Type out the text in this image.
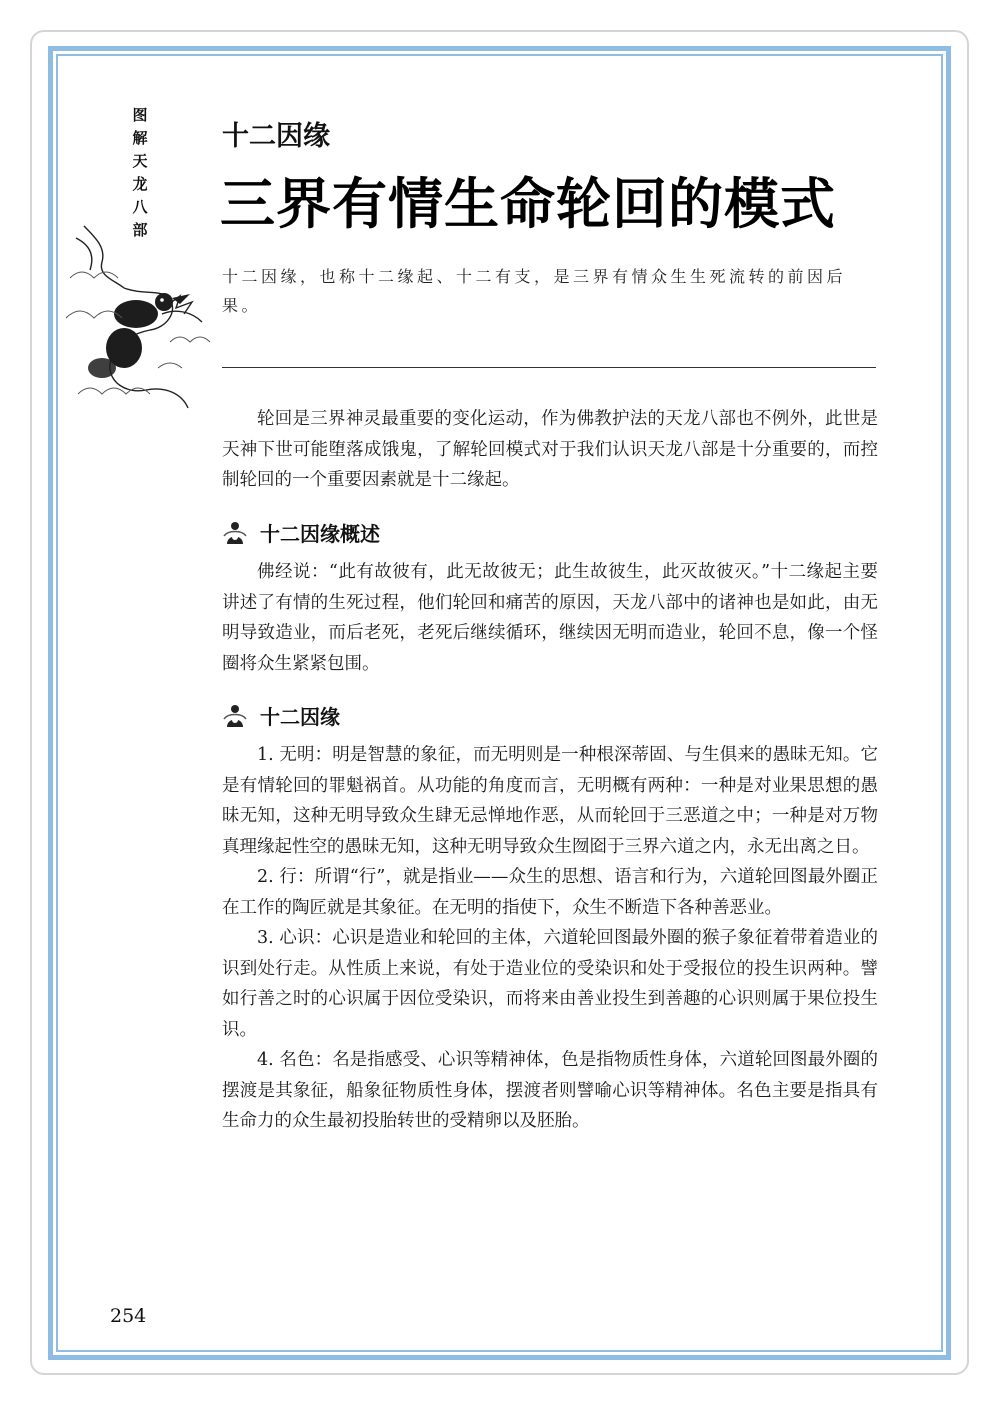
图
解
天
龙
八
部
十二因缘
三界有情生命轮回的模式
十二因缘，也称十二缘起、十二有支，是三界有情众生生死流转的前因后果。

轮回是三界神灵最重要的变化运动，作为佛教护法的天龙八部也不例外，此世是天神下世可能堕落成饿鬼，了解轮回模式对于我们认识天龙八部是十分重要的，而控制轮回的一个重要因素就是十二缘起。

十二因缘概述

佛经说：“此有故彼有，此无故彼无；此生故彼生，此灭故彼灭。”十二缘起主要讲述了有情的生死过程，他们轮回和痛苦的原因，天龙八部中的诸神也是如此，由无明导致造业，而后老死，老死后继续循环，继续因无明而造业，轮回不息，像一个怪圈将众生紧紧包围。

十二因缘

1. 无明：明是智慧的象征，而无明则是一种根深蒂固、与生俱来的愚昧无知。它是有情轮回的罪魁祸首。从功能的角度而言，无明概有两种：一种是对业果思想的愚昧无知，这种无明导致众生肆无忌惮地作恶，从而轮回于三恶道之中；一种是对万物真理缘起性空的愚昧无知，这种无明导致众生囫囵于三界六道之内，永无出离之日。

2. 行：所谓“行”，就是指业——众生的思想、语言和行为，六道轮回图最外圈正在工作的陶匠就是其象征。在无明的指使下，众生不断造下各种善恶业。

3. 心识：心识是造业和轮回的主体，六道轮回图最外圈的猴子象征着带着造业的识到处行走。从性质上来说，有处于造业位的受染识和处于受报位的投生识两种。譬如行善之时的心识属于因位受染识，而将来由善业投生到善趣的心识则属于果位投生识。

4. 名色：名是指感受、心识等精神体，色是指物质性身体，六道轮回图最外圈的摆渡是其象征，船象征物质性身体，摆渡者则譬喻心识等精神体。名色主要是指具有生命力的众生最初投胎转世的受精卵以及胚胎。

254
